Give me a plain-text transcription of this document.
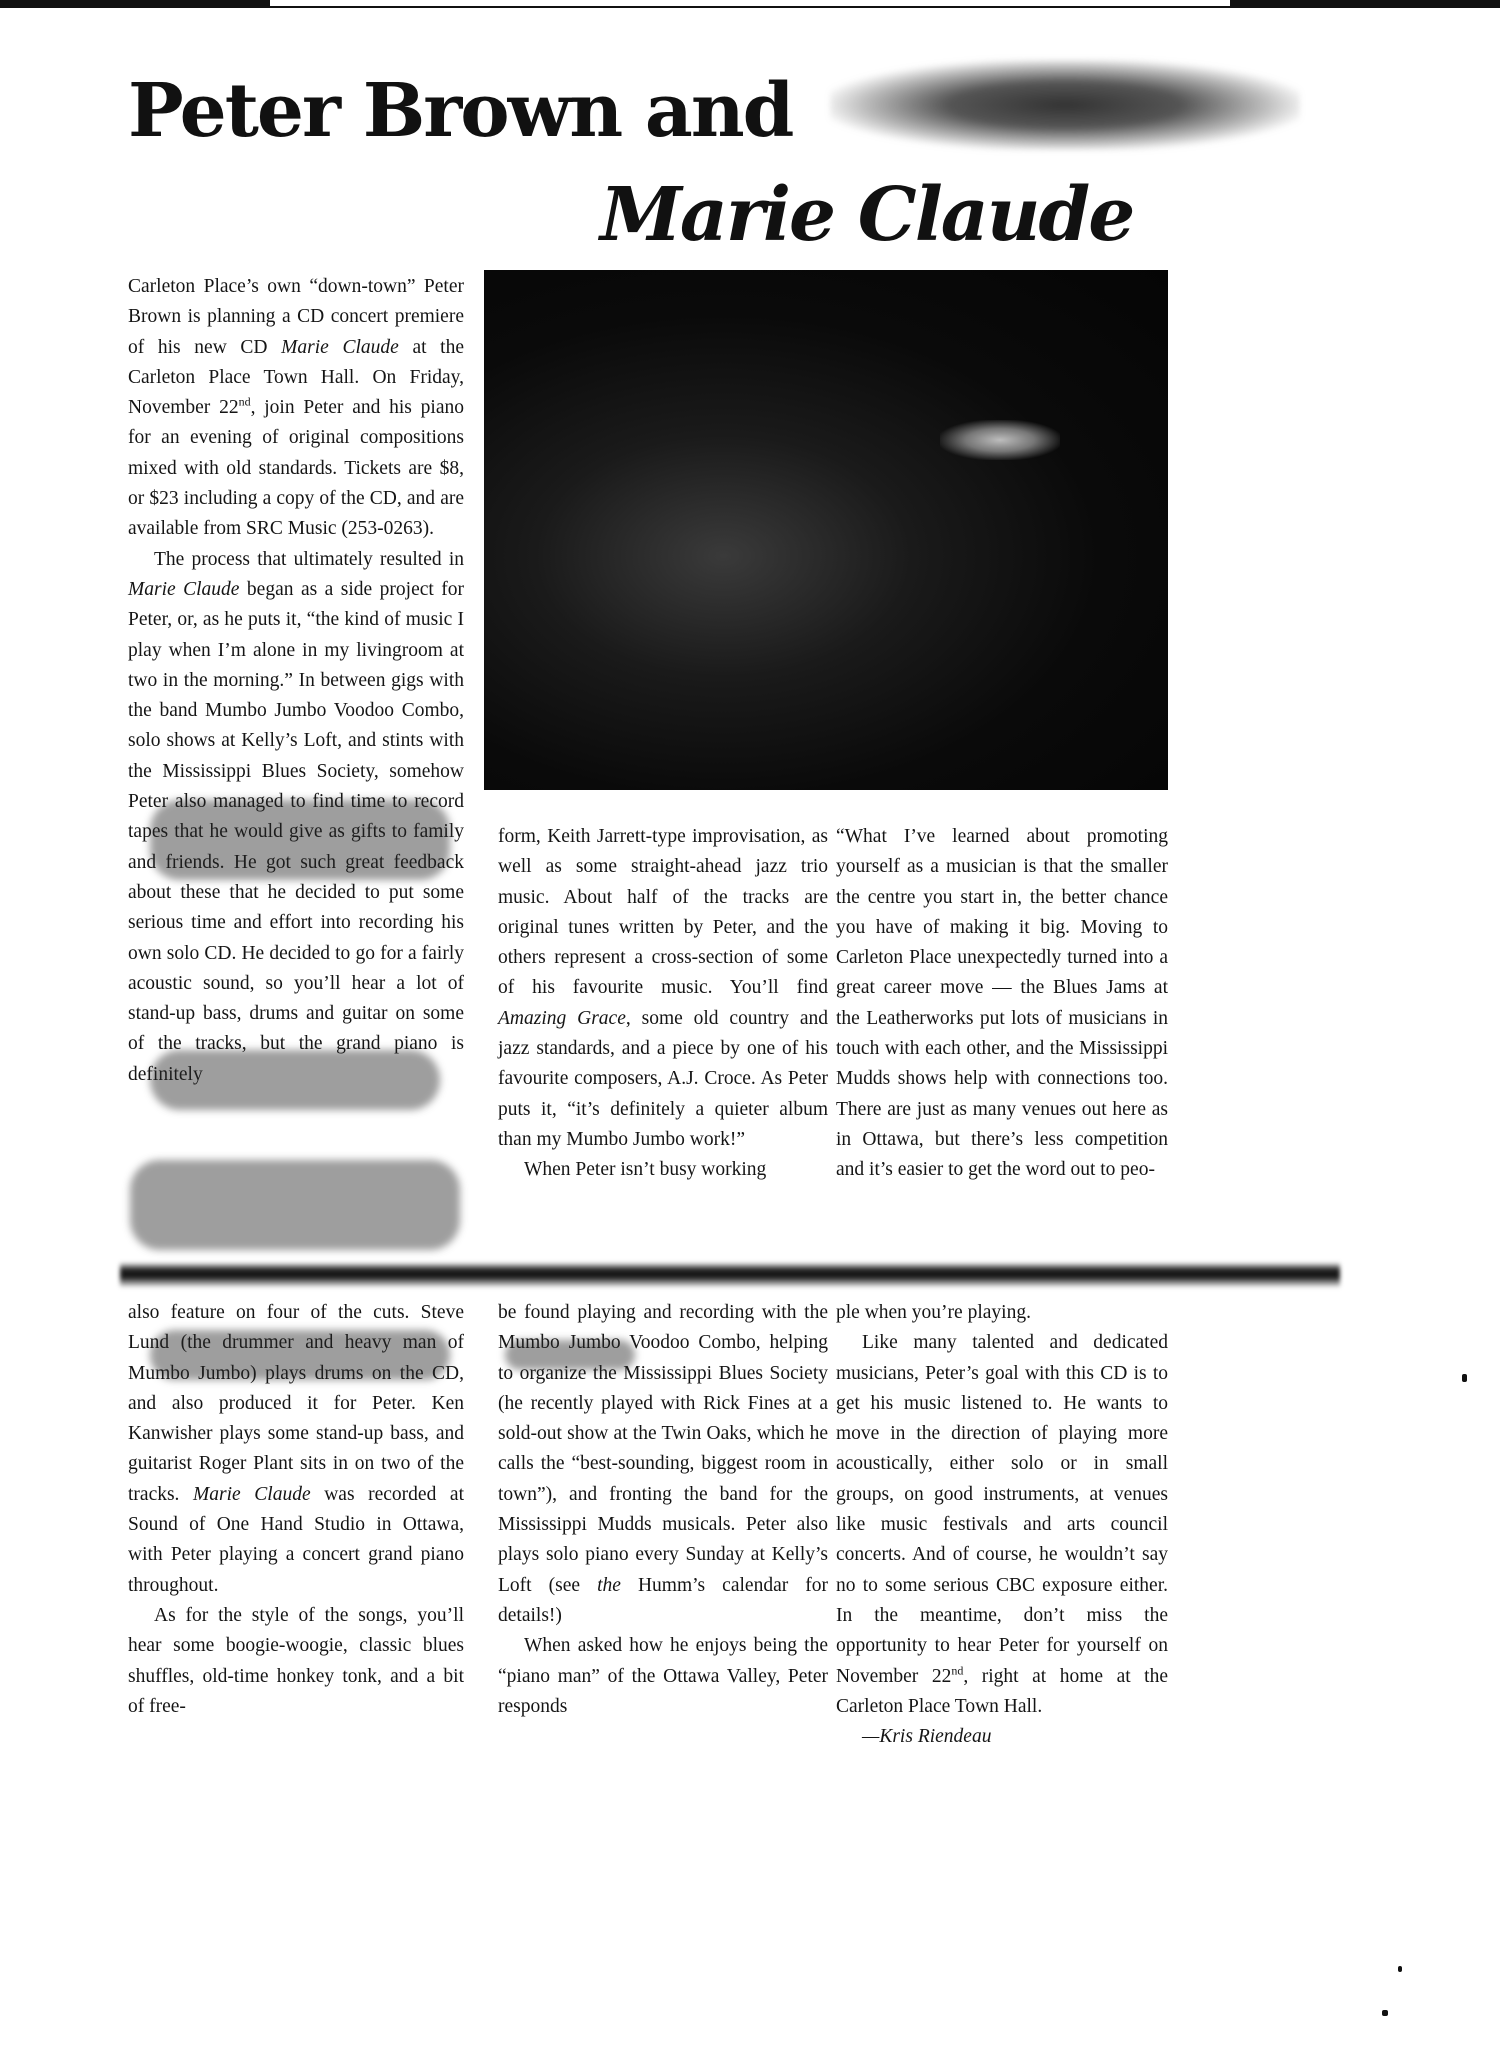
Peter Brown and
Marie Claude

Carleton Place’s own “down-town” Peter Brown is planning a CD concert premiere of his new CD Marie Claude at the Carleton Place Town Hall. On Friday, November 22nd, join Peter and his piano for an evening of original compositions mixed with old standards. Tickets are $8, or $23 including a copy of the CD, and are available from SRC Music (253-0263).

The process that ultimately resulted in Marie Claude began as a side project for Peter, or, as he puts it, “the kind of music I play when I’m alone in my livingroom at two in the morning.” In between gigs with the band Mumbo Jumbo Voodoo Combo, solo shows at Kelly’s Loft, and stints with the Mississippi Blues Society, somehow Peter also managed to find time to record tapes that he would give as gifts to family and friends. He got such great feedback about these that he decided to put some serious time and effort into recording his own solo CD. He decided to go for a fairly acoustic sound, so you’ll hear a lot of stand-up bass, drums and guitar on some of the tracks, but the grand piano is definitely

form, Keith Jarrett-type improvisation, as well as some straight-ahead jazz trio music. About half of the tracks are original tunes written by Peter, and the others represent a cross-section of some of his favourite music. You’ll find Amazing Grace, some old country and jazz standards, and a piece by one of his favourite composers, A.J. Croce. As Peter puts it, “it’s definitely a quieter album than my Mumbo Jumbo work!”

When Peter isn’t busy working

“What I’ve learned about promoting yourself as a musician is that the smaller the centre you start in, the better chance you have of making it big. Moving to Carleton Place unexpectedly turned into a great career move — the Blues Jams at the Leatherworks put lots of musicians in touch with each other, and the Mississippi Mudds shows help with connections too. There are just as many venues out here as in Ottawa, but there’s less competition and it’s easier to get the word out to peo-

also feature on four of the cuts. Steve Lund (the drummer and heavy man of Mumbo Jumbo) plays drums on the CD, and also produced it for Peter. Ken Kanwisher plays some stand-up bass, and guitarist Roger Plant sits in on two of the tracks. Marie Claude was recorded at Sound of One Hand Studio in Ottawa, with Peter playing a concert grand piano throughout.

As for the style of the songs, you’ll hear some boogie-woogie, classic blues shuffles, old-time honkey tonk, and a bit of free-

be found playing and recording with the Mumbo Jumbo Voodoo Combo, helping to organize the Mississippi Blues Society (he recently played with Rick Fines at a sold-out show at the Twin Oaks, which he calls the “best-sounding, biggest room in town”), and fronting the band for the Mississippi Mudds musicals. Peter also plays solo piano every Sunday at Kelly’s Loft (see the Humm’s calendar for details!)

When asked how he enjoys being the “piano man” of the Ottawa Valley, Peter responds

ple when you’re playing.

Like many talented and dedicated musicians, Peter’s goal with this CD is to get his music listened to. He wants to move in the direction of playing more acoustically, either solo or in small groups, on good instruments, at venues like music festivals and arts council concerts. And of course, he wouldn’t say no to some serious CBC exposure either. In the meantime, don’t miss the opportunity to hear Peter for yourself on November 22nd, right at home at the Carleton Place Town Hall.

—Kris Riendeau
